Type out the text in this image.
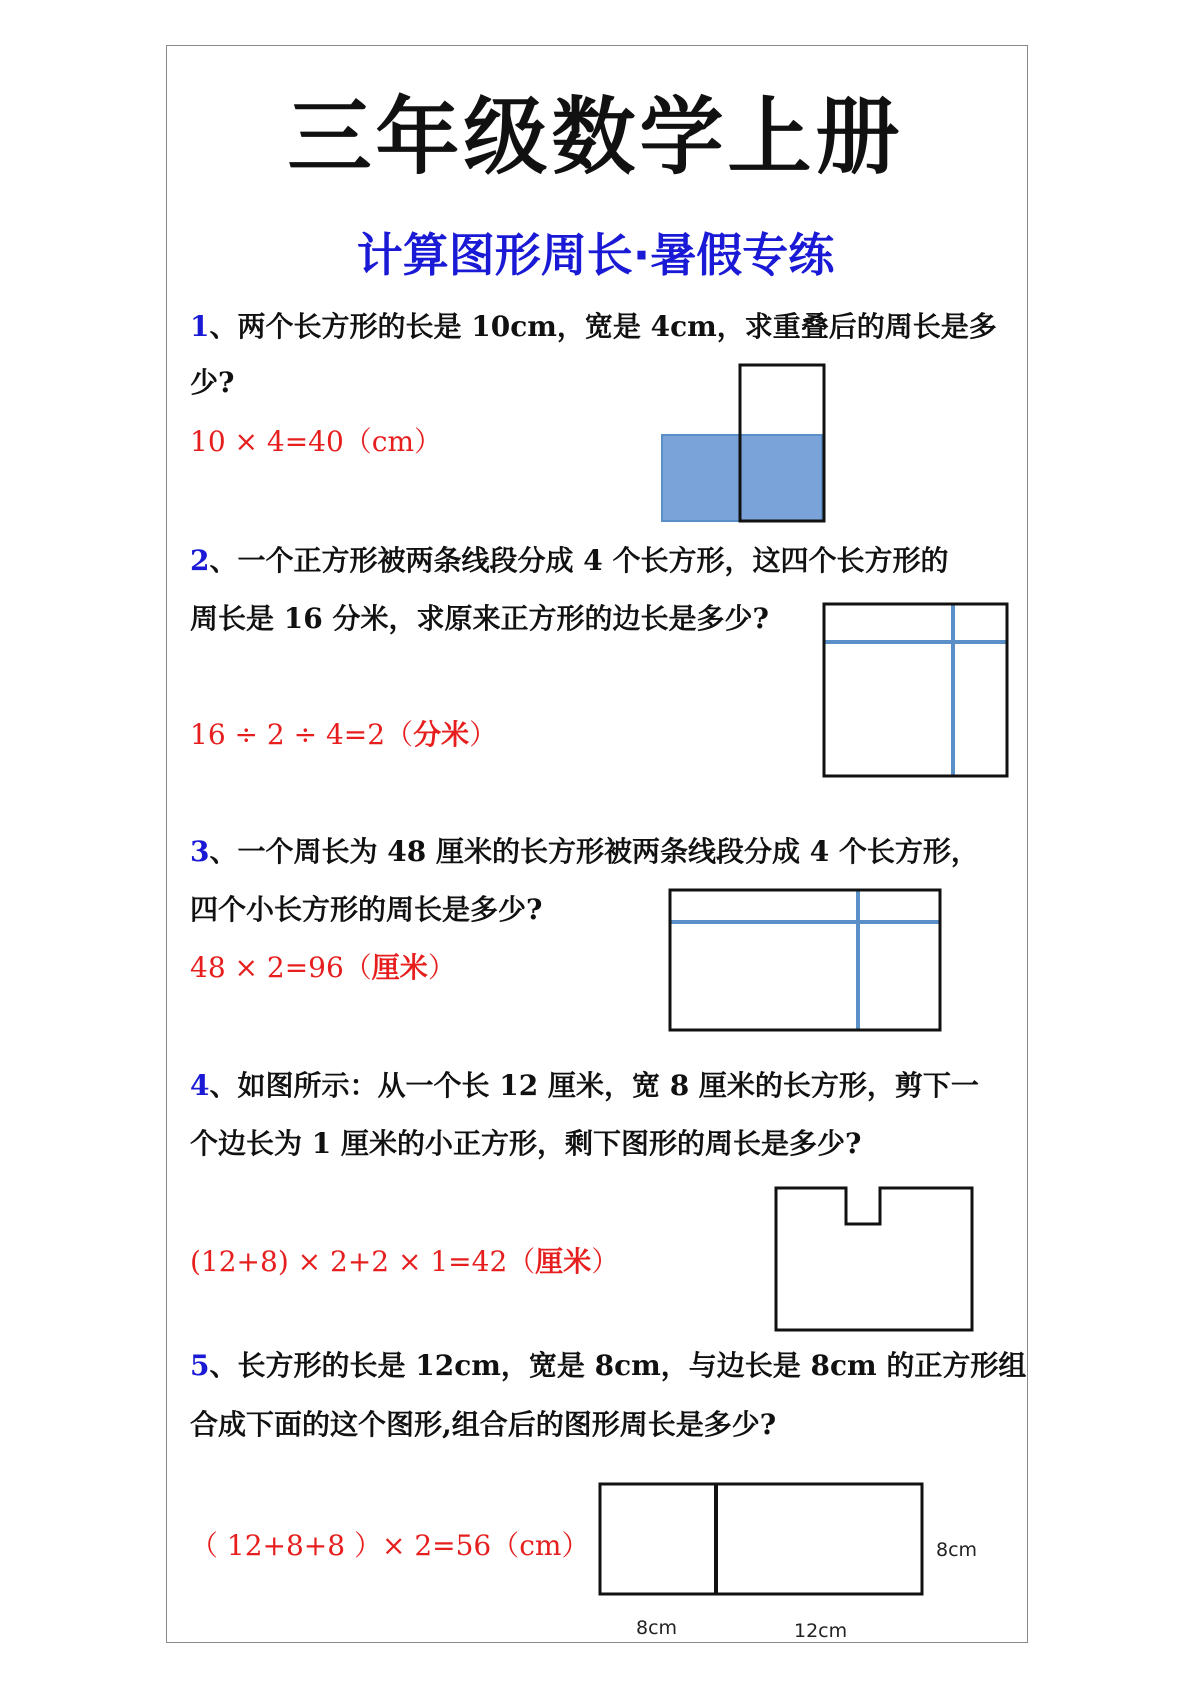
三年级数学上册
计算图形周长·暑假专练
1、两个长方形的长是 10cm，宽是 4cm，求重叠后的周长是多
少?
10 × 4=40（cm）
2、一个正方形被两条线段分成 4 个长方形，这四个长方形的
周长是 16 分米，求原来正方形的边长是多少?
16 ÷ 2 ÷ 4=2（分米）
3、一个周长为 48 厘米的长方形被两条线段分成 4 个长方形，
四个小长方形的周长是多少?
48 × 2=96（厘米）
4、如图所示：从一个长 12 厘米，宽 8 厘米的长方形，剪下一
个边长为 1 厘米的小正方形，剩下图形的周长是多少?
(12+8) × 2+2 × 1=42（厘米）
5、长方形的长是 12cm，宽是 8cm，与边长是 8cm 的正方形组
合成下面的这个图形,组合后的图形周长是多少?
（ 12+8+8 ）× 2=56（cm）	8cm
8cm	12cm
